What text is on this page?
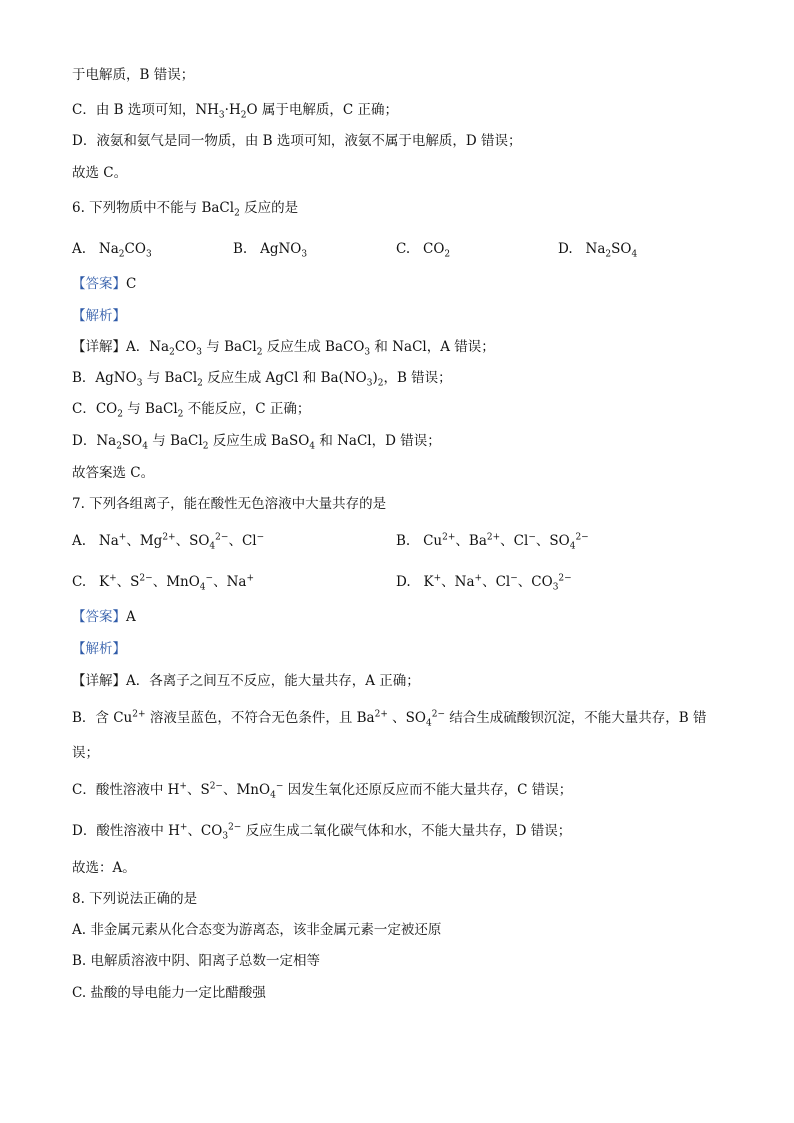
于电解质，B 错误；
C．由 B 选项可知，$NH_3\cdot H_2O$ 属于电解质，C 正确；
D．液氨和氨气是同一物质，由 B 选项可知，液氨不属于电解质，D 错误；
故选 C。
6. 下列物质中不能与 BaCl$_2$ 反应的是
A. $Na_2CO_3$	B. AgNO$_3$	C. $CO_2$	D. $Na_2SO_4$
【答案】C
【解析】
【详解】A．$Na_2CO_3$ 与 BaCl$_2$ 反应生成 BaCO$_3$ 和 NaCl，A 错误；
B．AgNO$_3$ 与 BaCl$_2$ 反应生成 AgCl 和 $Ba(NO_3)_2$，B 错误；
C．$CO_2$ 与 BaCl$_2$ 不能反应，C 正确；
D．$Na_2SO_4$ 与 BaCl$_2$ 反应生成 BaSO$_4$ 和 NaCl，D 错误；
故答案选 C。
7. 下列各组离子，能在酸性无色溶液中大量共存的是
A. Na+、$Mg^{2+}$、$SO_4^{2-}$、Cl−	B. $Cu^{2+}$、$Ba^{2+}$、Cl−、$SO_4^{2-}$
C. K+、$S^{2-}$、MnO$_4$−、Na+	D. K+、Na+、Cl−、$CO_3^{2-}$
【答案】A
【解析】
【详解】A．各离子之间互不反应，能大量共存，A 正确；
B．含 $Cu^{2+}$ 溶液呈蓝色，不符合无色条件，且 $Ba^{2+}$ 、$SO_4^{2-}$ 结合生成硫酸钡沉淀，不能大量共存，B 错
误；
C．酸性溶液中 H+、$S^{2-}$、MnO$_4$− 因发生氧化还原反应而不能大量共存，C 错误；
D．酸性溶液中 H+、$CO_3^{2-}$ 反应生成二氧化碳气体和水，不能大量共存，D 错误；
故选：A。
8. 下列说法正确的是
A. 非金属元素从化合态变为游离态，该非金属元素一定被还原
B. 电解质溶液中阴、阳离子总数一定相等
C. 盐酸的导电能力一定比醋酸强
